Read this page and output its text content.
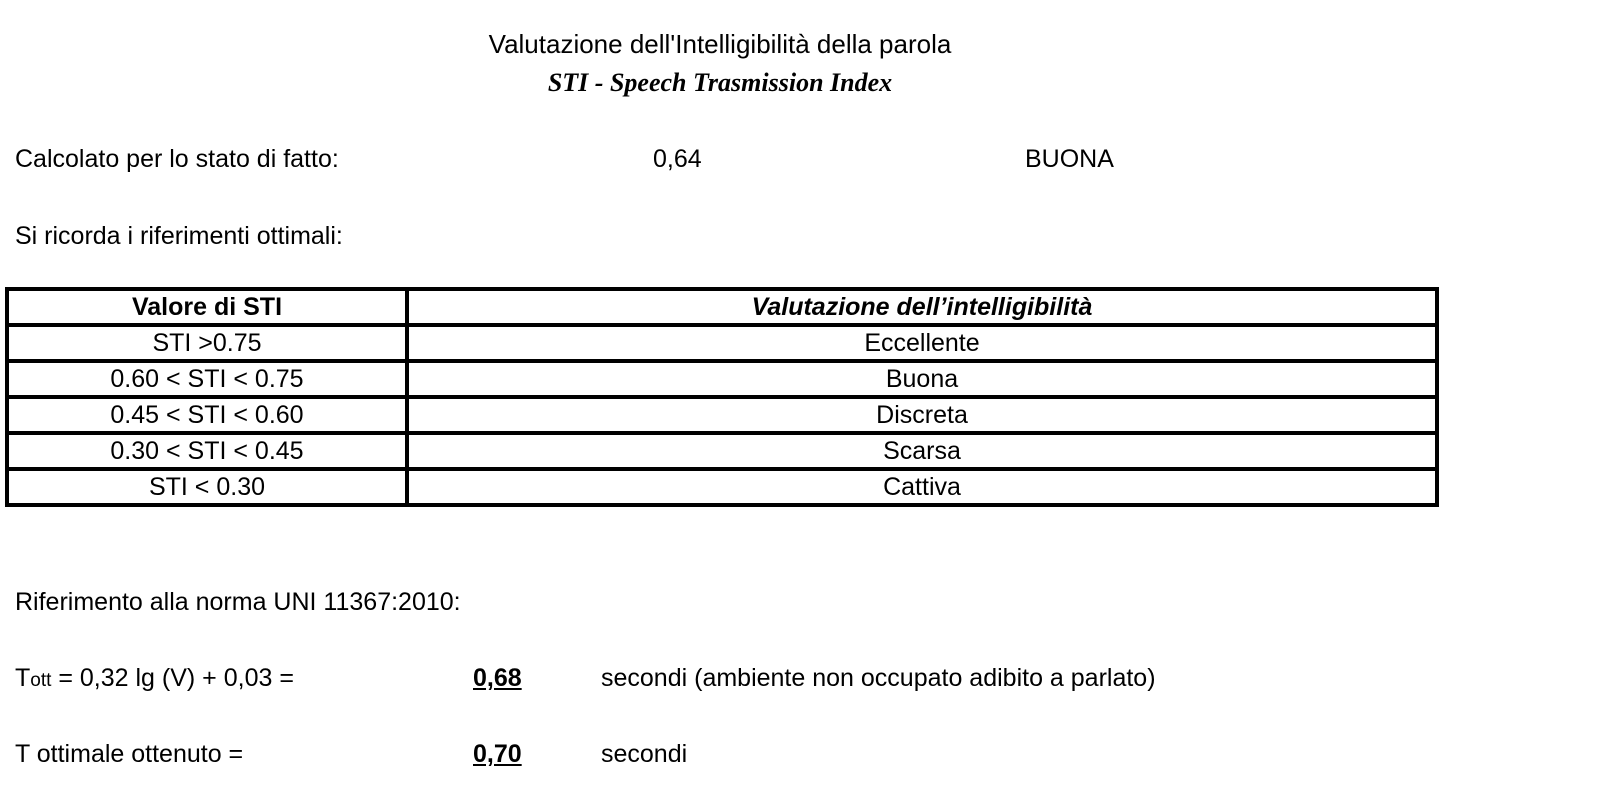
Valutazione dell'Intelligibilità della parola
STI - Speech Trasmission Index
Calcolato per lo stato di fatto:	0,64	BUONA
Si ricorda i riferimenti ottimali:
Valore di STI	Valutazione dell’intelligibilità
STI >0.75	Eccellente
0.60 < STI < 0.75	Buona
0.45 < STI < 0.60	Discreta
0.30 < STI < 0.45	Scarsa
STI < 0.30	Cattiva
Riferimento alla norma UNI 11367:2010:
Tott = 0,32 lg (V) + 0,03 =	0,68	secondi (ambiente non occupato adibito a parlato)
T ottimale ottenuto =	0,70	secondi
